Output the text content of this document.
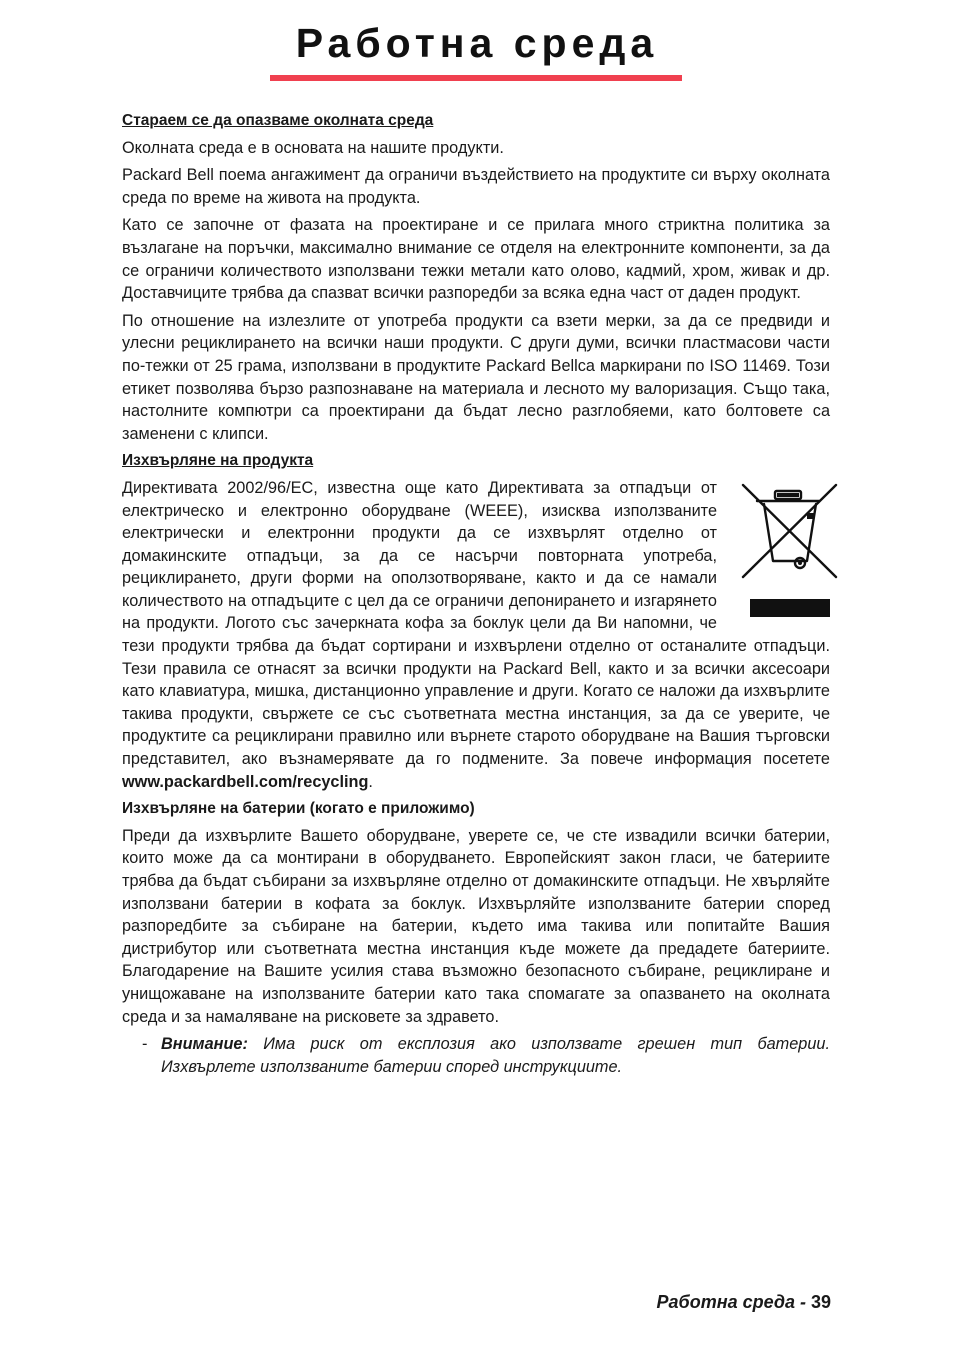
Работна среда
Стараем се да опазваме околната среда

Околната среда е в основата на нашите продукти.

Packard Bell поема ангажимент да ограничи въздействието на продуктите си върху околната среда по време на живота на продукта.

Като се започне от фазата на проектиране и се прилага много стриктна политика за възлагане на поръчки, максимално внимание се отделя на електронните компоненти, за да се ограничи количеството използвани тежки метали като олово, кадмий, хром, живак и др. Доставчиците трябва да спазват всички разпоредби за всяка една част от даден продукт.

По отношение на излезлите от употреба продукти са взети мерки, за да се предвиди и улесни рециклирането на всички наши продукти. С други думи, всички пластмасови части по-тежки от 25 грама, използвани в продуктите Packard Bellca маркирани по ISO 11469. Този етикет позволява бързо разпознаване на материала и лесното му валоризация. Също така, настолните компютри са проектирани да бъдат лесно разглобяеми, като болтовете са заменени с клипси.

Изхвърляне на продукта

Директивата 2002/96/EC, известна още като Директивата за отпадъци от електрическо и електронно оборудване (WEEE), изисква използваните електрически и електронни продукти да се изхвърлят отделно от домакинските отпадъци, за да се насърчи повторната употреба, рециклирането, други форми на оползотворяване, както и да се намали количеството на отпадъците с цел да се ограничи депонирането и изгарянето на продукти. Логото със зачеркната кофа за боклук цели да Ви напомни, че тези продукти трябва да бъдат сортирани и изхвърлени отделно от останалите отпадъци. Тези правила се отнасят за всички продукти на Packard Bell, както и за всички аксесоари като клавиатура, мишка, дистанционно управление и други. Когато се наложи да изхвърлите такива продукти, свържете се със съответната местна инстанция, за да се уверите, че продуктите са рециклирани правилно или върнете старото оборудване на Вашия търговски представител, ако възнамерявате да го подмените. За повече информация посетете www.packardbell.com/recycling.

Изхвърляне на батерии (когато е приложимо)

Преди да изхвърлите Вашето оборудване, уверете се, че сте извадили всички батерии, които може да са монтирани в оборудването. Европейският закон гласи, че батериите трябва да бъдат събирани за изхвърляне отделно от домакинските отпадъци. Не хвърляйте използвани батерии в кофата за боклук. Изхвърляйте използваните батерии според разпоредбите за събиране на батерии, където има такива или попитайте Вашия дистрибутор или съответната местна инстанция къде можете да предадете батериите. Благодарение на Вашите усилия става възможно безопасното събиране, рециклиране и унищожаване на използваните батерии като така спомагате за опазването на околната среда и за намаляване на рисковете за здравето.

- Внимание: Има риск от експлозия ако използвате грешен тип батерии. Изхвърлете използваните батерии според инструкциите.
Работна среда - 39
